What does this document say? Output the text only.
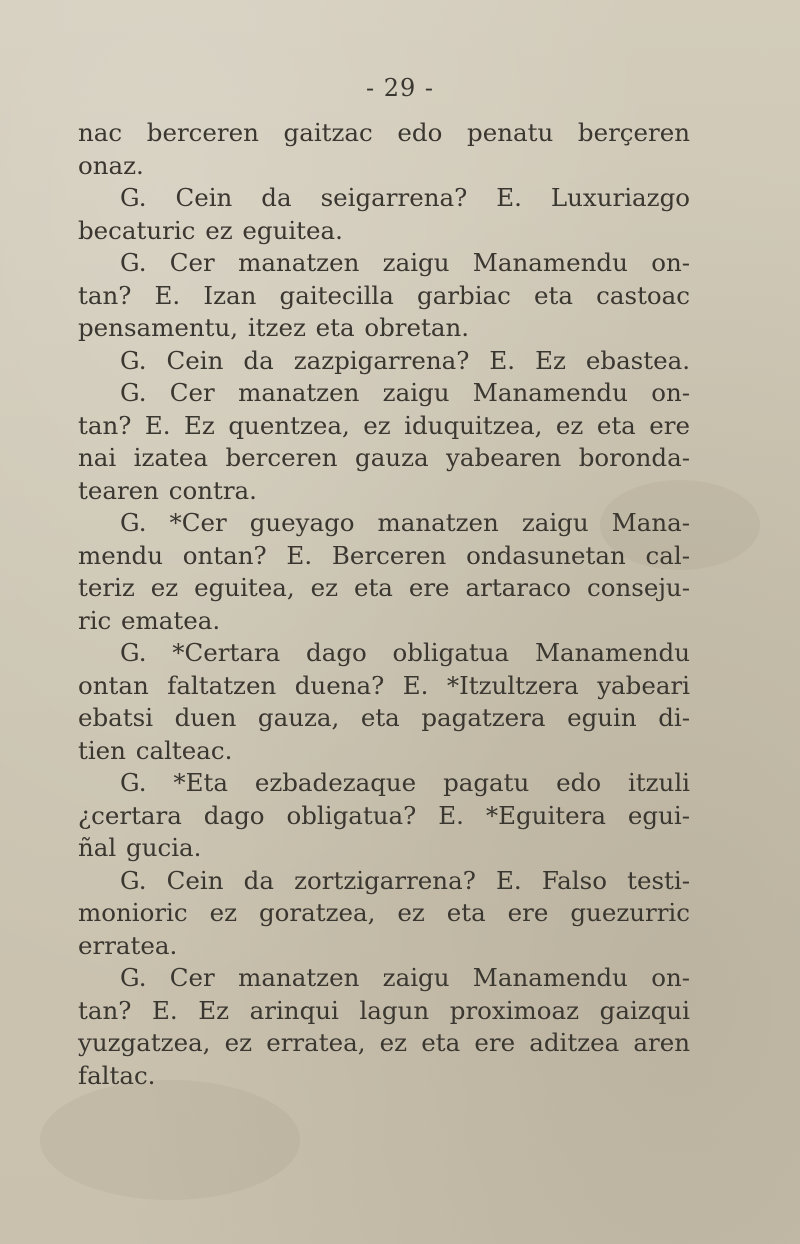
- 29 -
nac berceren gaitzac edo penatu berçeren
onaz.
G. Cein da seigarrena? E. Luxuriazgo
becaturic ez eguitea.
G. Cer manatzen zaigu Manamendu on-
tan? E. Izan gaitecilla garbiac eta castoac
pensamentu, itzez eta obretan.
G. Cein da zazpigarrena? E. Ez ebastea.
G. Cer manatzen zaigu Manamendu on-
tan? E. Ez quentzea, ez iduquitzea, ez eta ere
nai izatea berceren gauza yabearen boronda-
tearen contra.
G. *Cer gueyago manatzen zaigu Mana-
mendu ontan? E. Berceren ondasunetan cal-
teriz ez eguitea, ez eta ere artaraco conseju-
ric ematea.
G. *Certara dago obligatua Manamendu
ontan faltatzen duena? E. *Itzultzera yabeari
ebatsi duen gauza, eta pagatzera eguin di-
tien calteac.
G. *Eta ezbadezaque pagatu edo itzuli
¿certara dago obligatua? E. *Eguitera egui-
ñal gucia.
G. Cein da zortzigarrena? E. Falso testi-
monioric ez goratzea, ez eta ere guezurric
erratea.
G. Cer manatzen zaigu Manamendu on-
tan? E. Ez arinqui lagun proximoaz gaizqui
yuzgatzea, ez erratea, ez eta ere aditzea aren
faltac.
